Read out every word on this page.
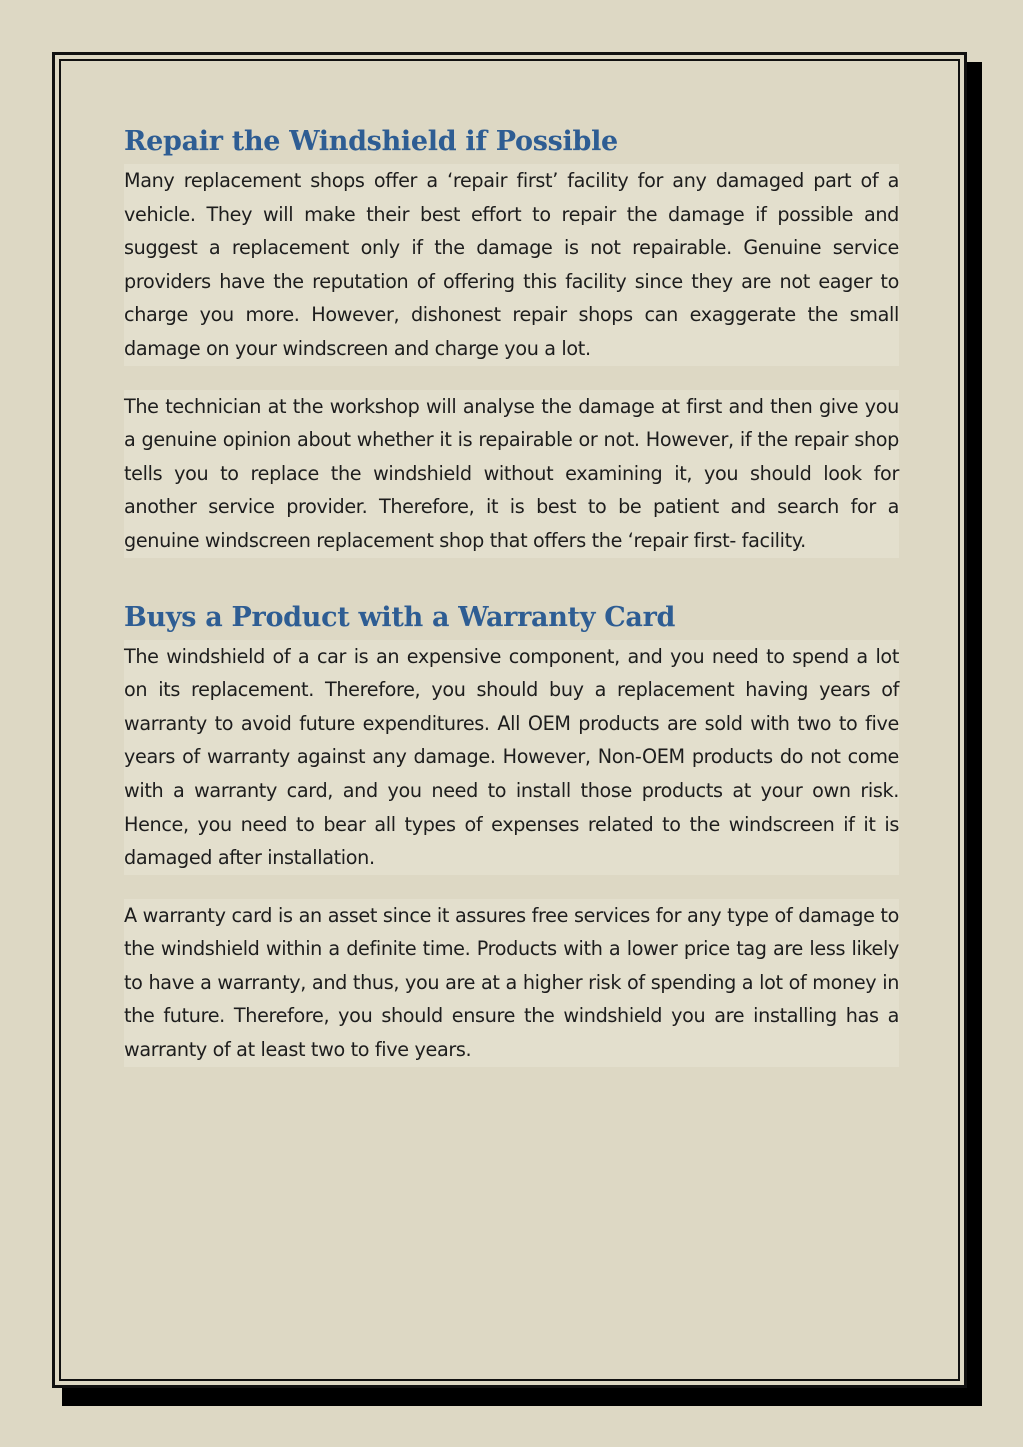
Repair the Windshield if Possible

Many replacement shops offer a ‘repair first’ facility for any damaged part of a vehicle. They will make their best effort to repair the damage if possible and suggest a replacement only if the damage is not repairable. Genuine service providers have the reputation of offering this facility since they are not eager to charge you more. However, dishonest repair shops can exaggerate the small damage on your windscreen and charge you a lot.

The technician at the workshop will analyse the damage at first and then give you a genuine opinion about whether it is repairable or not. However, if the repair shop tells you to replace the windshield without examining it, you should look for another service provider. Therefore, it is best to be patient and search for a genuine windscreen replacement shop that offers the ‘repair first- facility.

Buys a Product with a Warranty Card

The windshield of a car is an expensive component, and you need to spend a lot on its replacement. Therefore, you should buy a replacement having years of warranty to avoid future expenditures. All OEM products are sold with two to five years of warranty against any damage. However, Non-OEM products do not come with a warranty card, and you need to install those products at your own risk. Hence, you need to bear all types of expenses related to the windscreen if it is damaged after installation.

A warranty card is an asset since it assures free services for any type of damage to the windshield within a definite time. Products with a lower price tag are less likely to have a warranty, and thus, you are at a higher risk of spending a lot of money in the future. Therefore, you should ensure the windshield you are installing has a warranty of at least two to five years.
